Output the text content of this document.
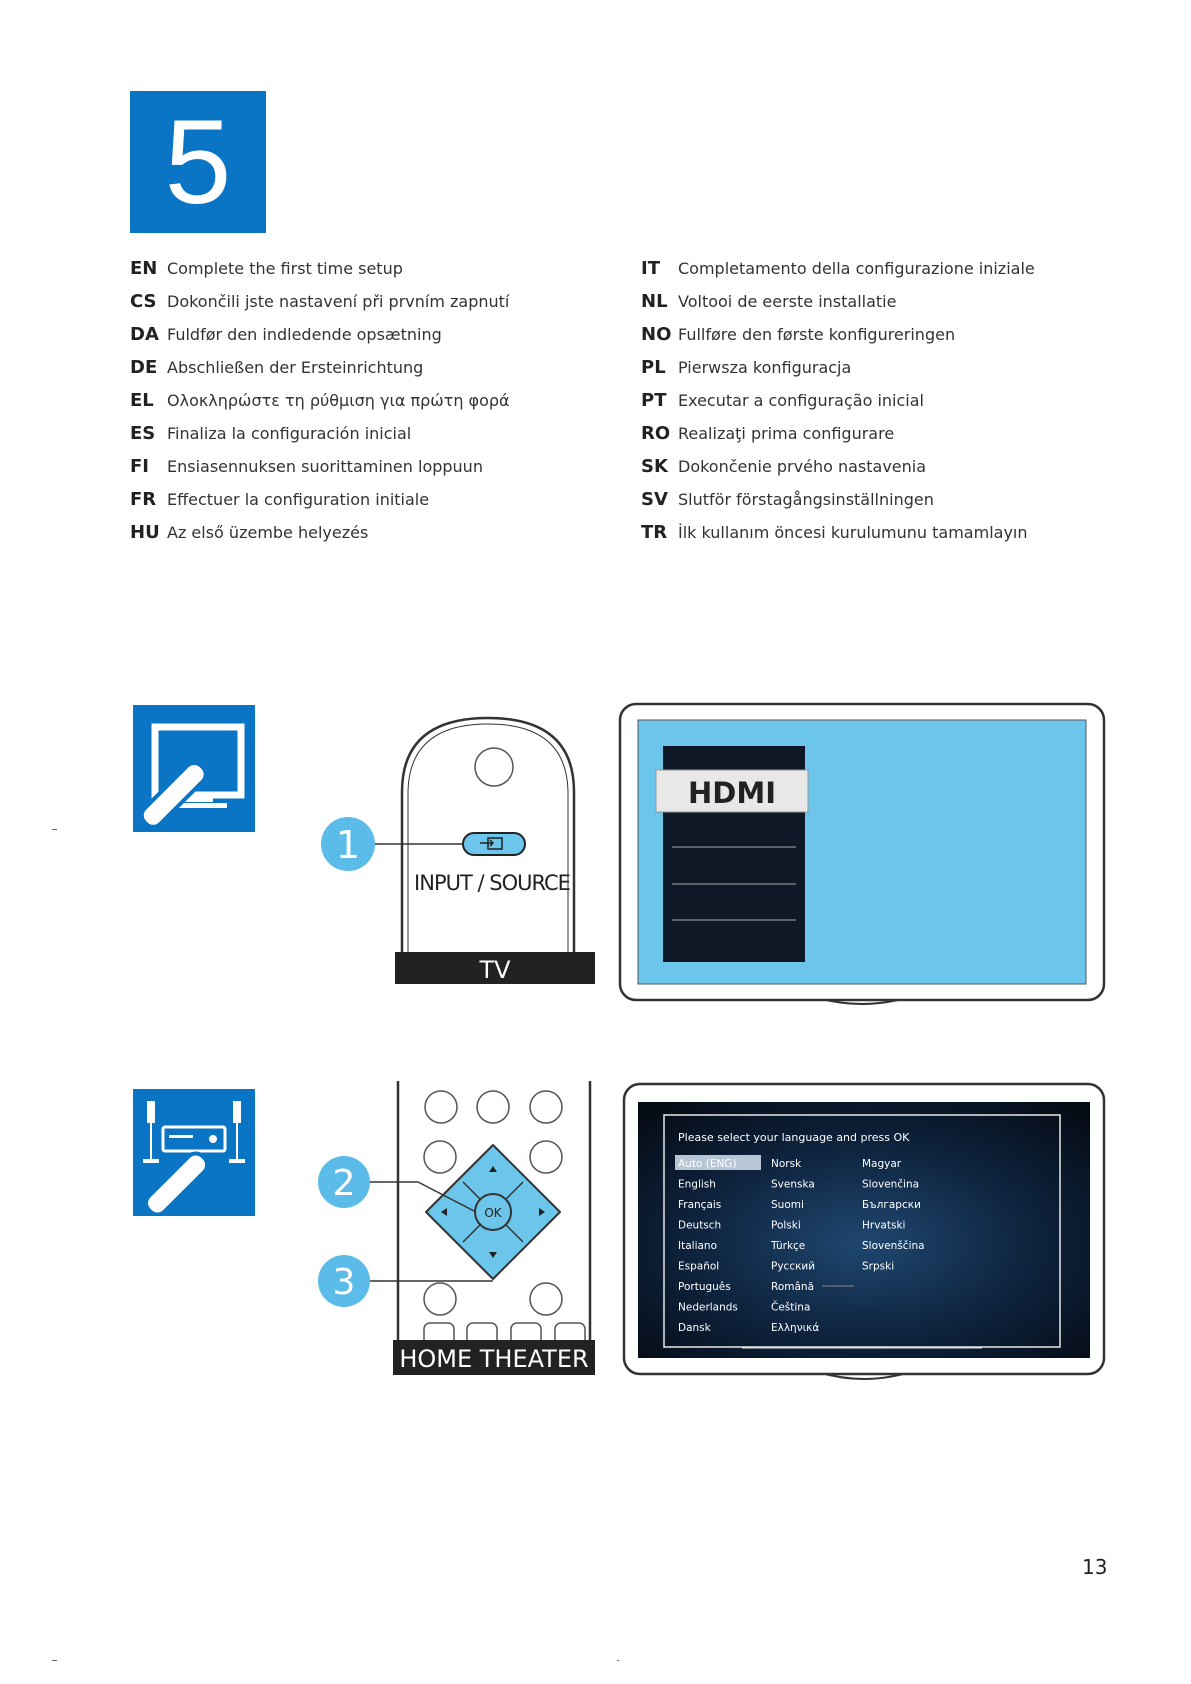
5
EN Complete the first time setup
CS Dokončili jste nastavení při prvním zapnutí
DA Fuldfør den indledende opsætning
DE Abschließen der Ersteinrichtung
EL Ολοκληρώστε τη ρύθμιση για πρώτη φορά
ES Finaliza la configuración inicial
FI	Ensiasennuksen suorittaminen loppuun
FR Effectuer la configuration initiale
HU Az első üzembe helyezés
IT	Completamento della configurazione iniziale
NL Voltooi de eerste installatie
NO Fullføre den første konfigureringen
PL Pierwsza konfiguracja
PT Executar a configuração inicial
RO Realizaţi prima configurare
SK Dokončenie prvého nastavenia
SV Slutför förstagångsinställningen
TR İlk kullanım öncesi kurulumunu tamamlayın
1
INPUT / SOURCE
TV
HDMI
OK
2
3
HOME THEATER
Please select your language and press OK
Auto (ENG)
English
Français
Deutsch
Italiano
Español
Português
Nederlands
Dansk
Norsk
Svenska
Suomi
Polski
Türkçe
Русский
Română
Čeština
Ελληνικά
Magyar
Slovenčina
Български
Hrvatski
Slovenščina
Srpski
13
